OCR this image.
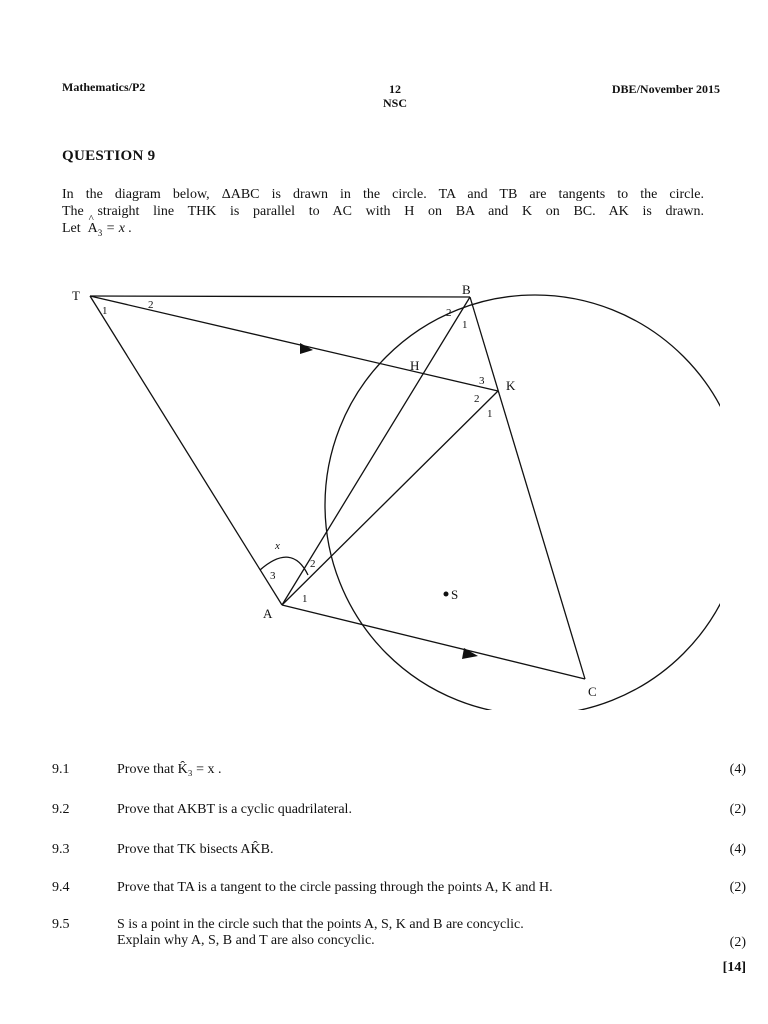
Mathematics/P2	12
NSC
DBE/November 2015
QUESTION 9

In the diagram below, ΔABC is drawn in the circle. TA and TB are tangents to the circle.

The straight line THK is parallel to AC with H on BA and K on BC. AK is drawn.

Let  ^ $A_3 = x$ .

T	B
H
K
A
C
S
1	2
2
1
3
2
1
3
2
1
x
9.1	Prove that K̂₃ = x .	(4)
9.2	Prove that AKBT is a cyclic quadrilateral.	(2)
9.3	Prove that TK bisects AK̂B.	(4)
9.4	Prove that TA is a tangent to the circle passing through the points A, K and H.	(2)
9.5	S is a point in the circle such that the points A, S, K and B are concyclic.
Explain why A, S, B and T are also concyclic.	(2)
[14]
